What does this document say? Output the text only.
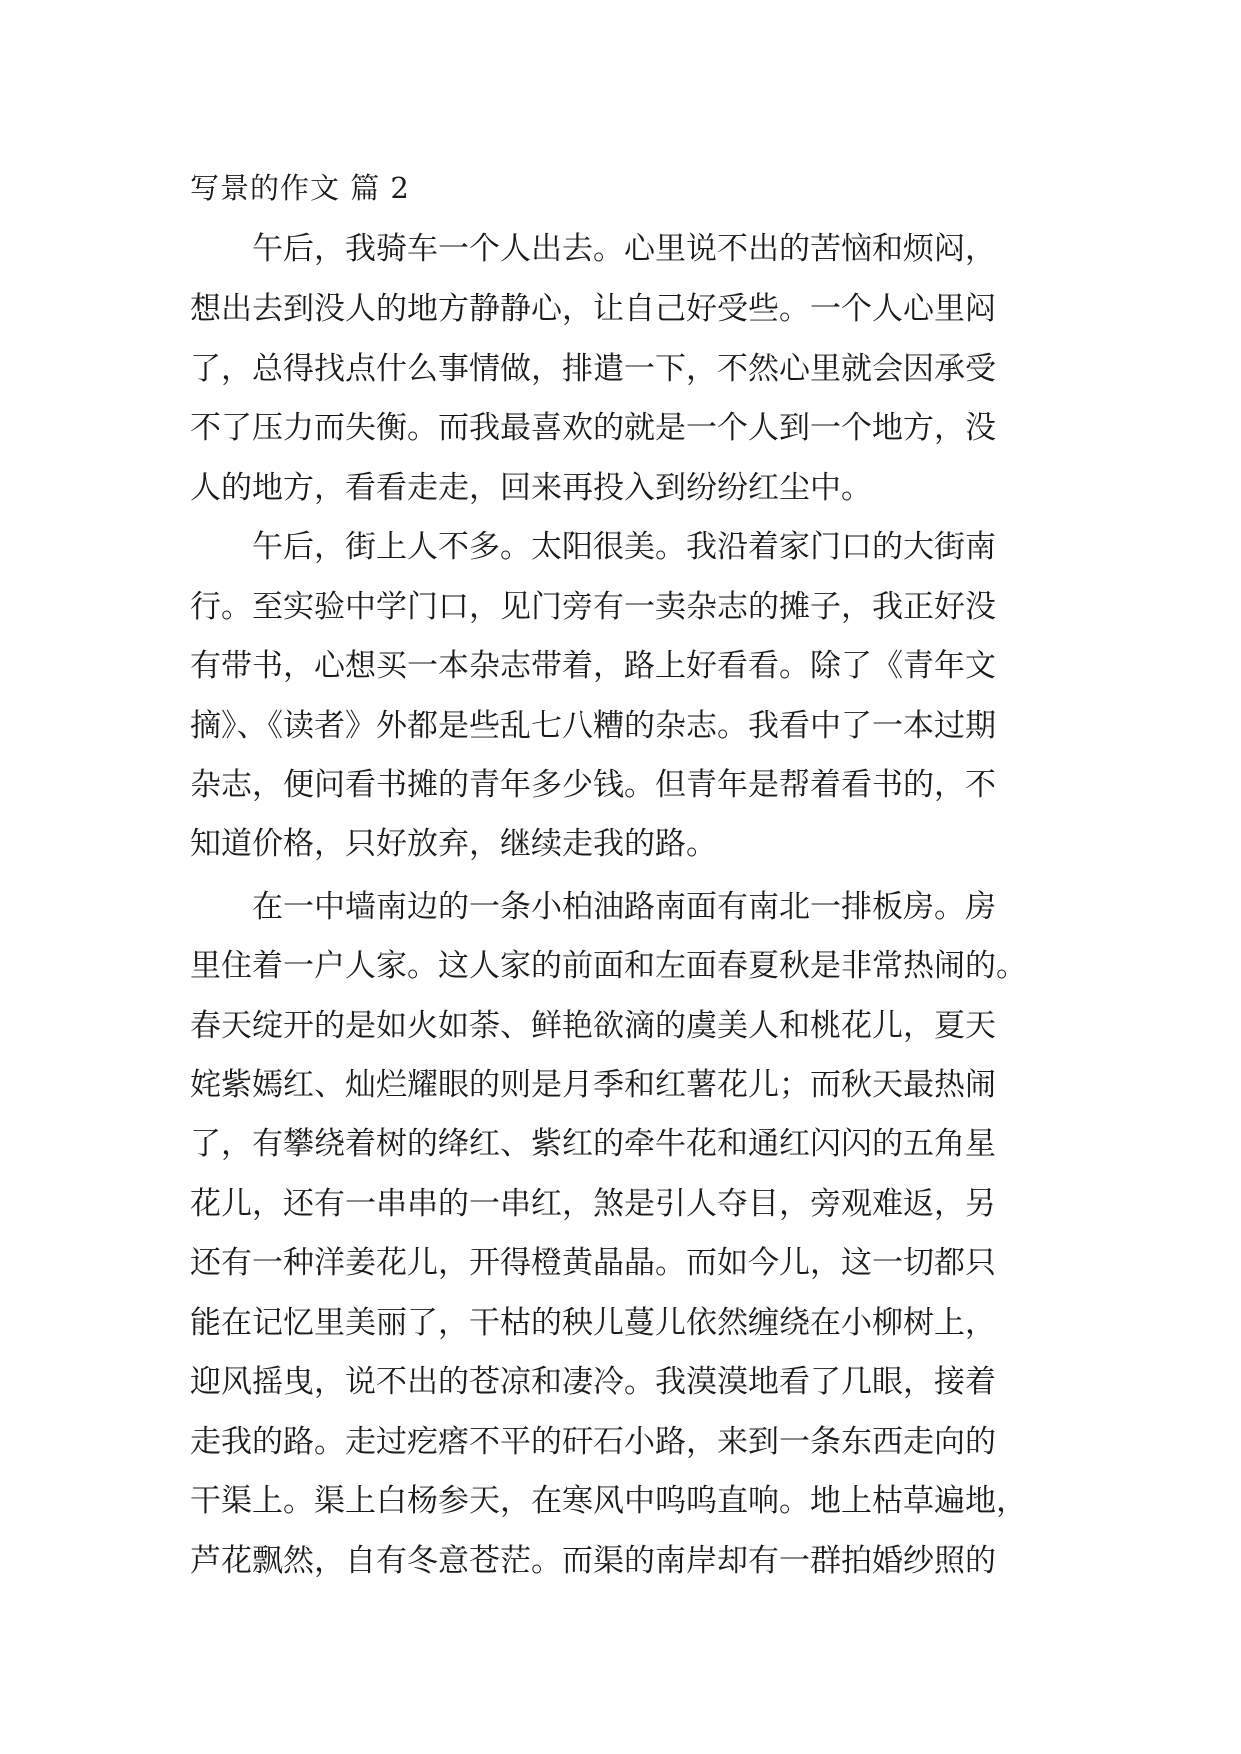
写景的作文 篇 2
午后，我骑车一个人出去。心里说不出的苦恼和烦闷，
想出去到没人的地方静静心，让自己好受些。一个人心里闷
了，总得找点什么事情做，排遣一下，不然心里就会因承受
不了压力而失衡。而我最喜欢的就是一个人到一个地方，没
人的地方，看看走走，回来再投入到纷纷红尘中。
午后，街上人不多。太阳很美。我沿着家门口的大街南
行。至实验中学门口，见门旁有一卖杂志的摊子，我正好没
有带书，心想买一本杂志带着，路上好看看。除了《青年文
摘》、《读者》外都是些乱七八糟的杂志。我看中了一本过期
杂志，便问看书摊的青年多少钱。但青年是帮着看书的，不
知道价格，只好放弃，继续走我的路。
在一中墙南边的一条小柏油路南面有南北一排板房。房
里住着一户人家。这人家的前面和左面春夏秋是非常热闹的。
春天绽开的是如火如荼、鲜艳欲滴的虞美人和桃花儿，夏天
姹紫嫣红、灿烂耀眼的则是月季和红薯花儿；而秋天最热闹
了，有攀绕着树的绛红、紫红的牵牛花和通红闪闪的五角星
花儿，还有一串串的一串红，煞是引人夺目，旁观难返，另
还有一种洋姜花儿，开得橙黄晶晶。而如今儿，这一切都只
能在记忆里美丽了，干枯的秧儿蔓儿依然缠绕在小柳树上，
迎风摇曳，说不出的苍凉和凄冷。我漠漠地看了几眼，接着
走我的路。走过疙瘩不平的矸石小路，来到一条东西走向的
干渠上。渠上白杨参天，在寒风中呜呜直响。地上枯草遍地，
芦花飘然，自有冬意苍茫。而渠的南岸却有一群拍婚纱照的
